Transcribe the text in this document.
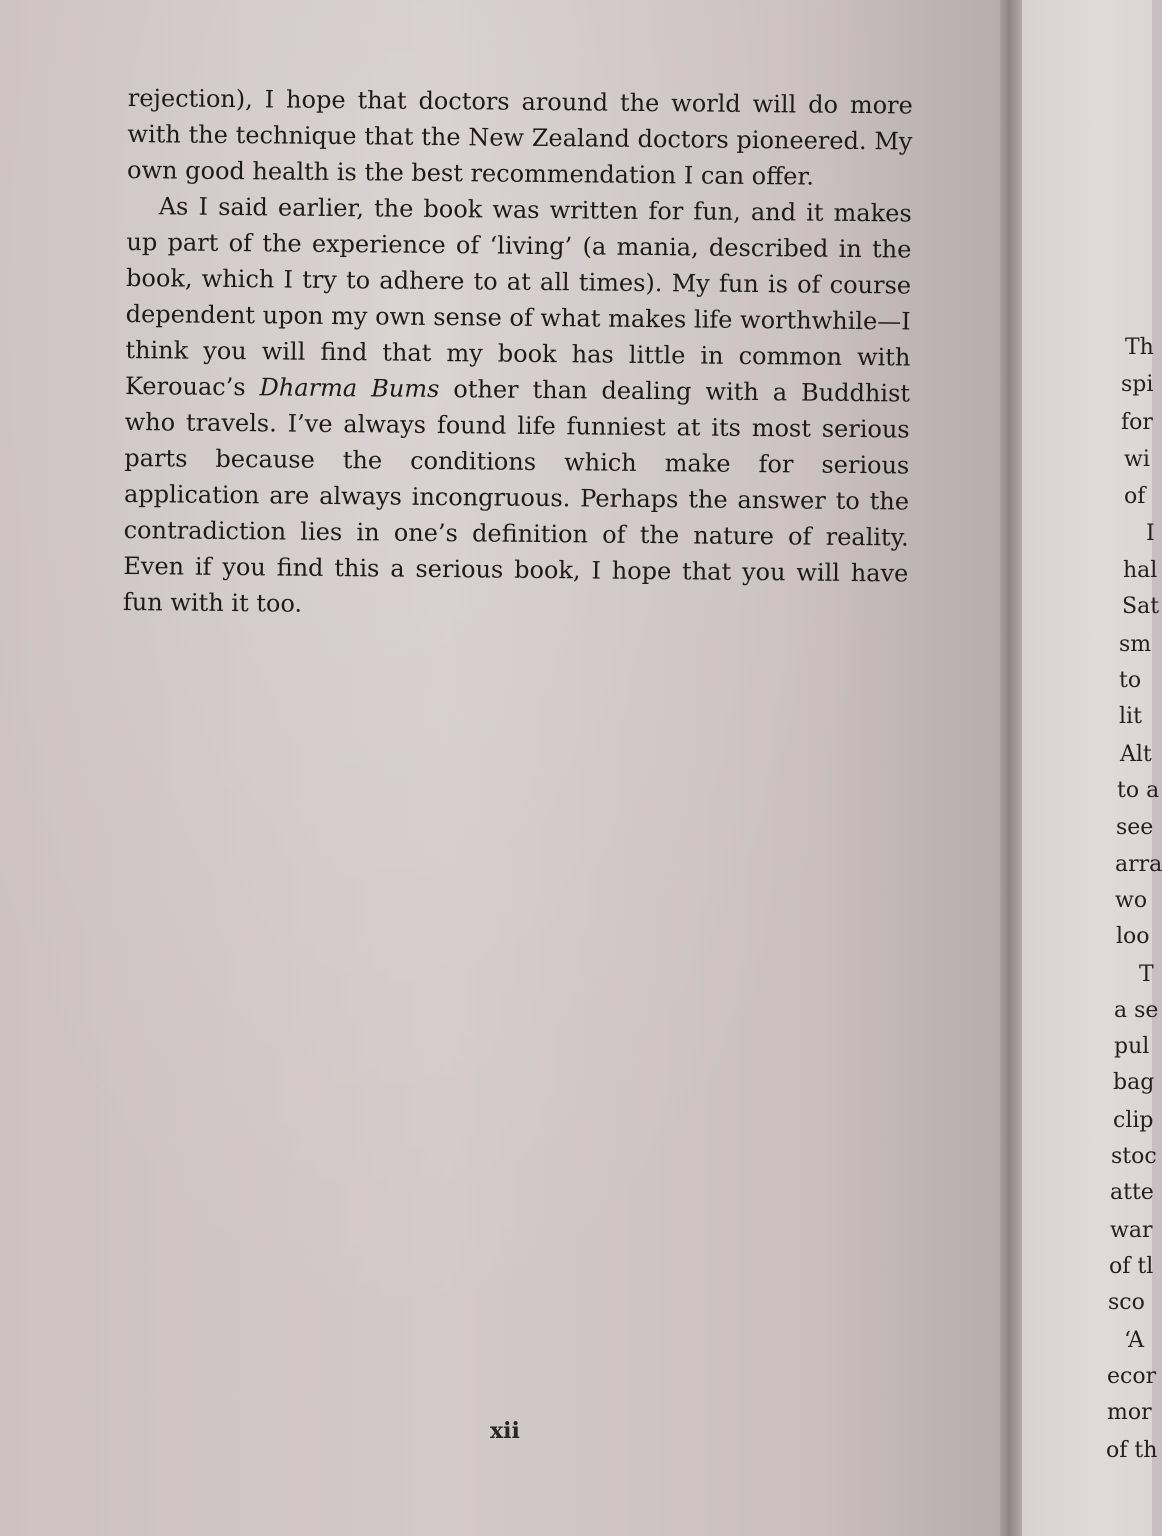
rejection), I hope that doctors around the world will do more with the technique that the New Zealand doctors pioneered. My own good health is the best recommendation I can offer.

As I said earlier, the book was written for fun, and it makes up part of the experience of ‘living’ (a mania, described in the book, which I try to adhere to at all times). My fun is of course dependent upon my own sense of what makes life worthwhile—I think you will find that my book has little in common with Kerouac’s Dharma Bums other than dealing with a Buddhist who travels. I’ve always found life funniest at its most serious parts because the conditions which make for serious application are always incongruous. Perhaps the answer to the contradiction lies in one’s definition of the nature of reality. Even if you find this a serious book, I hope that you will have fun with it too.

xii
Th
spi
for
wi
of
I
hal
Sat
sm
to
lit
Alt
to a
see
arra
wo
loo
T
a se
pul
bag
clip
stoc
atte
war
of tl
sco
‘A
ecor
mor
of th
